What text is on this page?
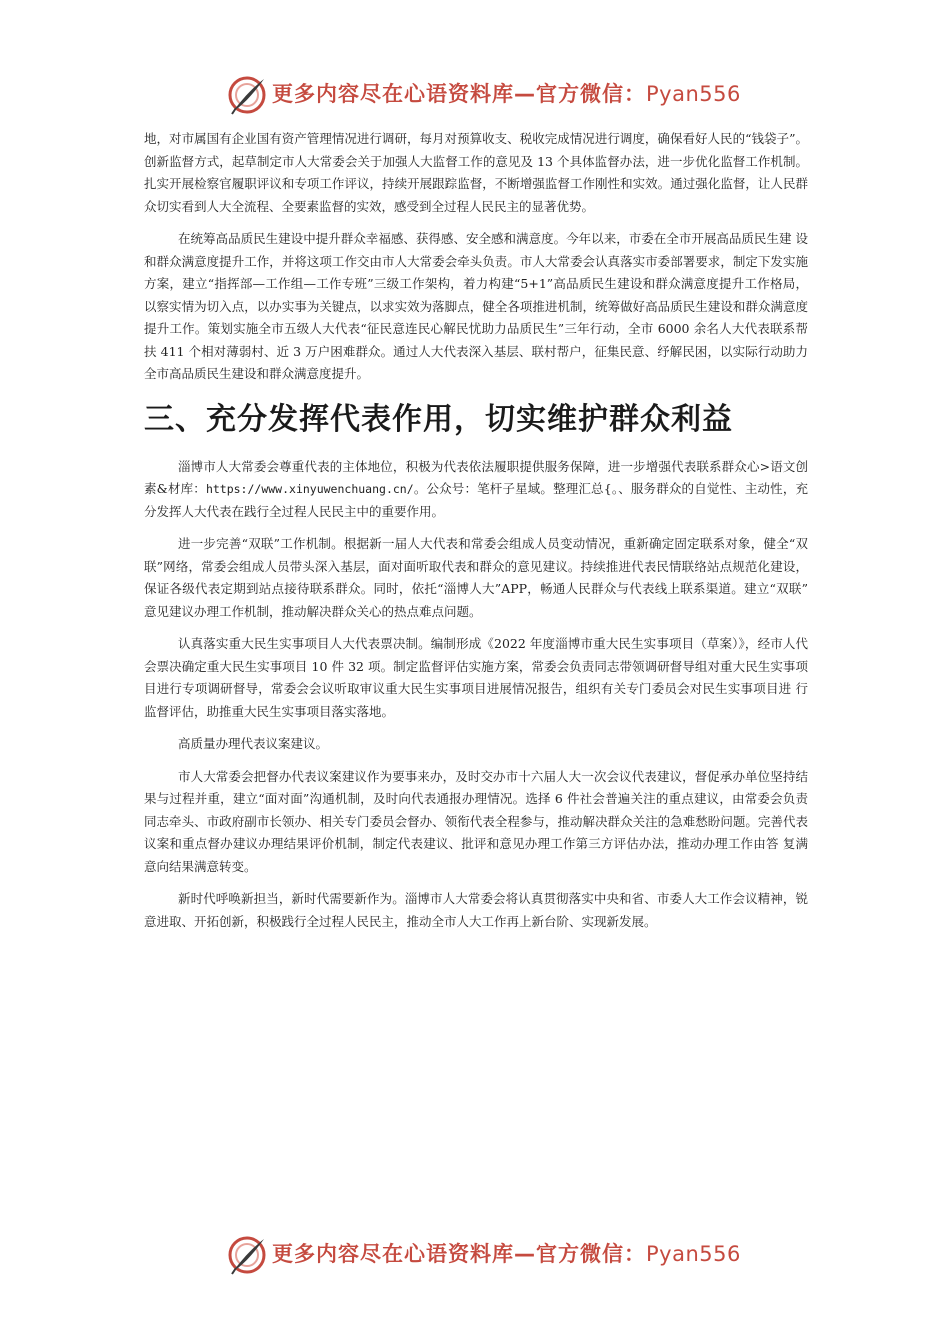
更多内容尽在心语资料库—官方微信：Pyan556

地，对市属国有企业国有资产管理情况进行调研，每月对预算收支、税收完成情况进行调度，确保看好人民的“钱袋子”。创新监督方式，起草制定市人大常委会关于加强人大监督工作的意见及 13 个具体监督办法，进一步优化监督工作机制。扎实开展检察官履职评议和专项工作评议，持续开展跟踪监督，不断增强监督工作刚性和实效。通过强化监督，让人民群众切实看到人大全流程、全要素监督的实效，感受到全过程人民民主的显著优势。

在统筹高品质民生建设中提升群众幸福感、获得感、安全感和满意度。今年以来，市委在全市开展高品质民生建 设和群众满意度提升工作，并将这项工作交由市人大常委会牵头负责。市人大常委会认真落实市委部署要求，制定下发实施方案，建立“指挥部—工作组—工作专班”三级工作架构，着力构建“5+1”高品质民生建设和群众满意度提升工作格局， 以察实情为切入点，以办实事为关键点，以求实效为落脚点，健全各项推进机制，统筹做好高品质民生建设和群众满意度提升工作。策划实施全市五级人大代表“征民意连民心解民忧助力品质民生”三年行动，全市 6000 余名人大代表联系帮扶 411 个相对薄弱村、近 3 万户困难群众。通过人大代表深入基层、联村帮户，征集民意、纾解民困，以实际行动助力全市高品质民生建设和群众满意度提升。

三、充分发挥代表作用，切实维护群众利益

淄博市人大常委会尊重代表的主体地位，积极为代表依法履职提供服务保障，进一步增强代表联系群众心>语文创素&材库：https://www.xinyuwenchuang.cn/。公众号：笔杆子星域。整理汇总{。、服务群众的自觉性、主动性，充分发挥人大代表在践行全过程人民民主中的重要作用。

进一步完善“双联”工作机制。根据新一届人大代表和常委会组成人员变动情况，重新确定固定联系对象，健全“双联”网络，常委会组成人员带头深入基层，面对面听取代表和群众的意见建议。持续推进代表民情联络站点规范化建设，保证各级代表定期到站点接待联系群众。同时，依托“淄博人大”APP，畅通人民群众与代表线上联系渠道。建立“双联” 意见建议办理工作机制，推动解决群众关心的热点难点问题。

认真落实重大民生实事项目人大代表票决制。编制形成《2022 年度淄博市重大民生实事项目（草案）》，经市人代会票决确定重大民生实事项目 10 件 32 项。制定监督评估实施方案，常委会负责同志带领调研督导组对重大民生实事项目进行专项调研督导，常委会会议听取审议重大民生实事项目进展情况报告，组织有关专门委员会对民生实事项目进 行监督评估，助推重大民生实事项目落实落地。

高质量办理代表议案建议。

市人大常委会把督办代表议案建议作为要事来办，及时交办市十六届人大一次会议代表建议，督促承办单位坚持结果与过程并重，建立“面对面”沟通机制，及时向代表通报办理情况。选择 6 件社会普遍关注的重点建议，由常委会负责同志牵头、市政府副市长领办、相关专门委员会督办、领衔代表全程参与，推动解决群众关注的急难愁盼问题。完善代表议案和重点督办建议办理结果评价机制，制定代表建议、批评和意见办理工作第三方评估办法，推动办理工作由答 复满意向结果满意转变。

新时代呼唤新担当，新时代需要新作为。淄博市人大常委会将认真贯彻落实中央和省、市委人大工作会议精神，锐意进取、开拓创新，积极践行全过程人民民主，推动全市人大工作再上新台阶、实现新发展。

更多内容尽在心语资料库—官方微信：Pyan556
